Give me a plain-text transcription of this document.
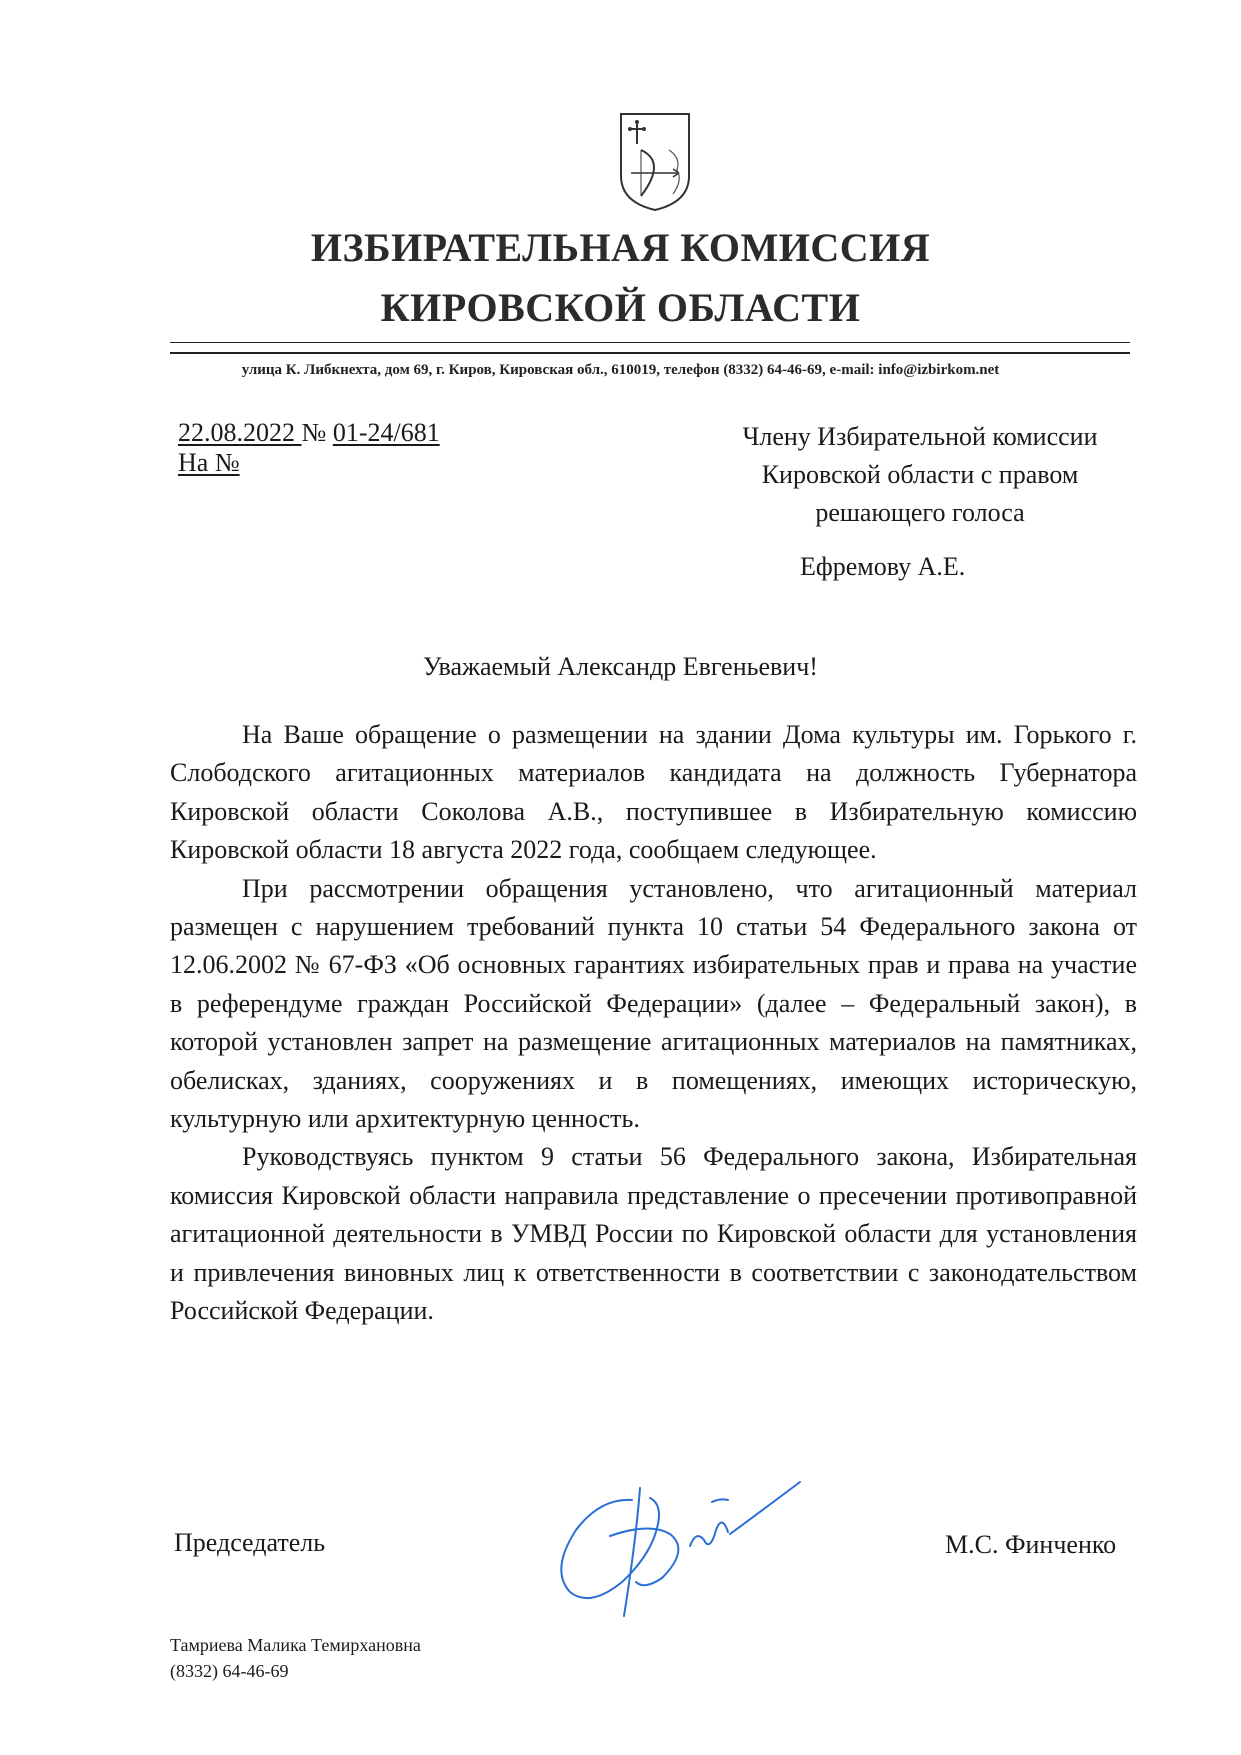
ИЗБИРАТЕЛЬНАЯ КОМИССИЯ
КИРОВСКОЙ ОБЛАСТИ
улица К. Либкнехта, дом 69, г. Киров, Кировская обл., 610019, телефон (8332) 64-46-69, e-mail: info@izbirkom.net
22.08.2022 № 01-24/681
На №
Члену Избирательной комиссии
Кировской области с правом
решающего голоса
Ефремову А.Е.
Уважаемый Александр Евгеньевич!

На Ваше обращение о размещении на здании Дома культуры им. Горького г. Слободского агитационных материалов кандидата на должность Губернатора Кировской области Соколова А.В., поступившее в Избирательную комиссию Кировской области 18 августа 2022 года, сообщаем следующее.

При рассмотрении обращения установлено, что агитационный материал размещен с нарушением требований пункта 10 статьи 54 Федерального закона от 12.06.2002 № 67-ФЗ «Об основных гарантиях избирательных прав и права на участие в референдуме граждан Российской Федерации» (далее – Федеральный закон), в которой установлен запрет на размещение агитационных материалов на памятниках, обелисках, зданиях, сооружениях и в помещениях, имеющих историческую, культурную или архитектурную ценность.

Руководствуясь пунктом 9 статьи 56 Федерального закона, Избирательная комиссия Кировской области направила представление о пресечении противоправной агитационной деятельности в УМВД России по Кировской области для установления и привлечения виновных лиц к ответственности в соответствии с законодательством Российской Федерации.

Председатель	М.С. Финченко
Тамриева Малика Темирхановна
(8332) 64-46-69
